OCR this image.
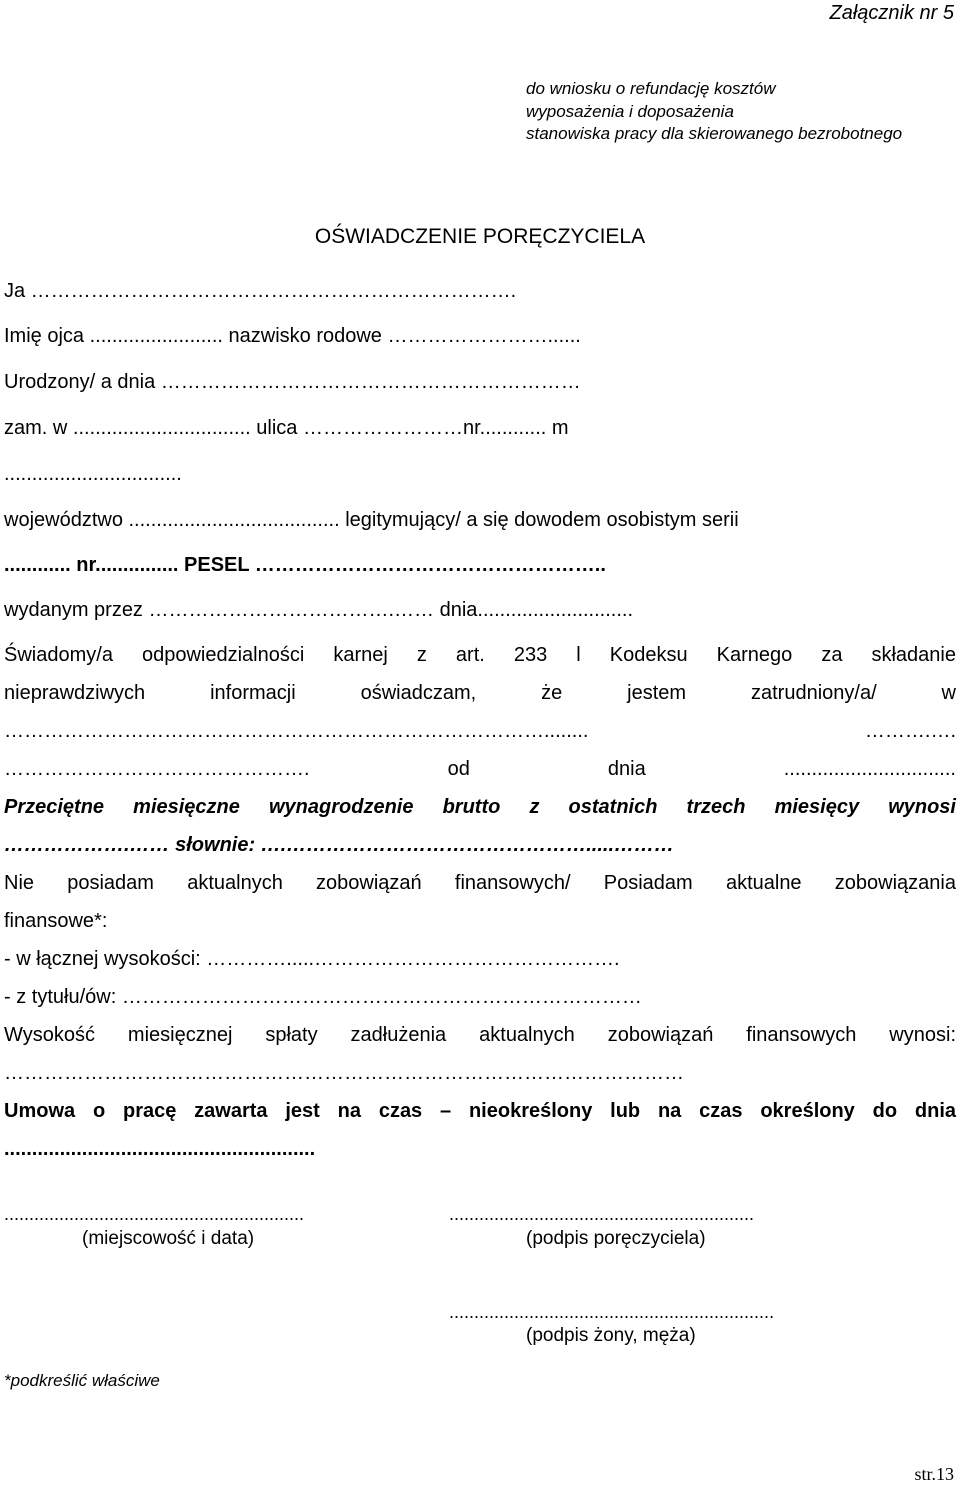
Załącznik nr 5
do wniosku o refundację kosztów
wyposażenia i doposażenia
stanowiska pracy dla skierowanego bezrobotnego
OŚWIADCZENIE PORĘCZYCIELA
Ja ……………………………………………………………….
Imię ojca ........................ nazwisko rodowe ……………………......
Urodzony/ a dnia ………………………………………………………
zam. w ................................ ulica ……………………nr............ m
................................
województwo ...................................... legitymujący/ a się dowodem osobistym serii
............ nr............... PESEL ……………………………………………..
wydanym przez ……………………………….…… dnia............................
Świadomy/a odpowiedzialności karnej z art. 233 l Kodeksu Karnego za składanie
nieprawdziwych informacji oświadczam, że jestem zatrudniony/a/ w
………………………………………………………………………........ ……….….
……………………………………….	od	dnia	...............................
Przeciętne miesięczne wynagrodzenie brutto z ostatnich trzech miesięcy wynosi
……………….…… słownie: ….……………………………………….....………
Nie posiadam aktualnych zobowiązań finansowych/ Posiadam aktualne zobowiązania
finansowe*:
- w łącznej wysokości: ………….....……………………………………….
- z tytułu/ów: ……………………………………………………………………
Wysokość miesięcznej spłaty zadłużenia aktualnych zobowiązań finansowych wynosi:
…………………………………………………………………………………………
Umowa o pracę zawarta jest na czas – nieokreślony lub na czas określony do dnia
........................................................
............................................................	.............................................................
(miejscowość i data)	(podpis poręczyciela)
.................................................................
(podpis żony, męża)
*podkreślić właściwe
str.13
